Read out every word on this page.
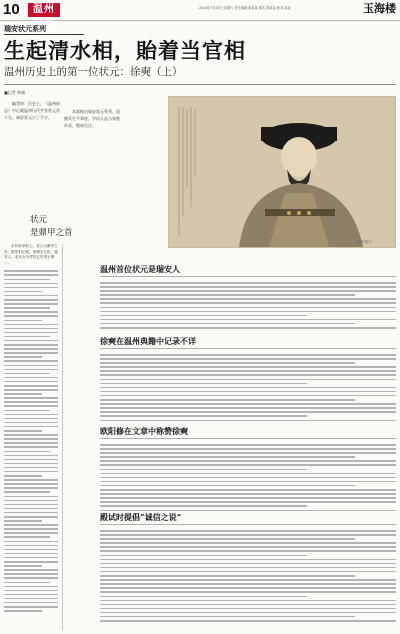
10	温州日报
2015年7月25日 星期六 责任编辑:黄某某 版式:黄某某 校对:某某	玉海楼
瑞安状元系列
生起清水相，貽着当官相
温州历史上的第一位状元：徐奭（上）
■记者 林楠

编者按：历史上，《温州府志》中记载温州历代共有状元若干名，瑞安状元占了不少。

本版推出瑞安状元系列，追溯其生平事迹、学问人品与家族传承，敬请关注。

资料图片
状元
是鼎甲之首
宋代科举取士，状元为鼎甲之首。据史料记载，徐奭字召时，瑞安人，北宋大中祥符五年进士第一。
温州首位状元是瑞安人
徐奭在温州典籍中记录不详
欧阳修在文章中称赞徐奭
殿试时提倡“诚信之说”
